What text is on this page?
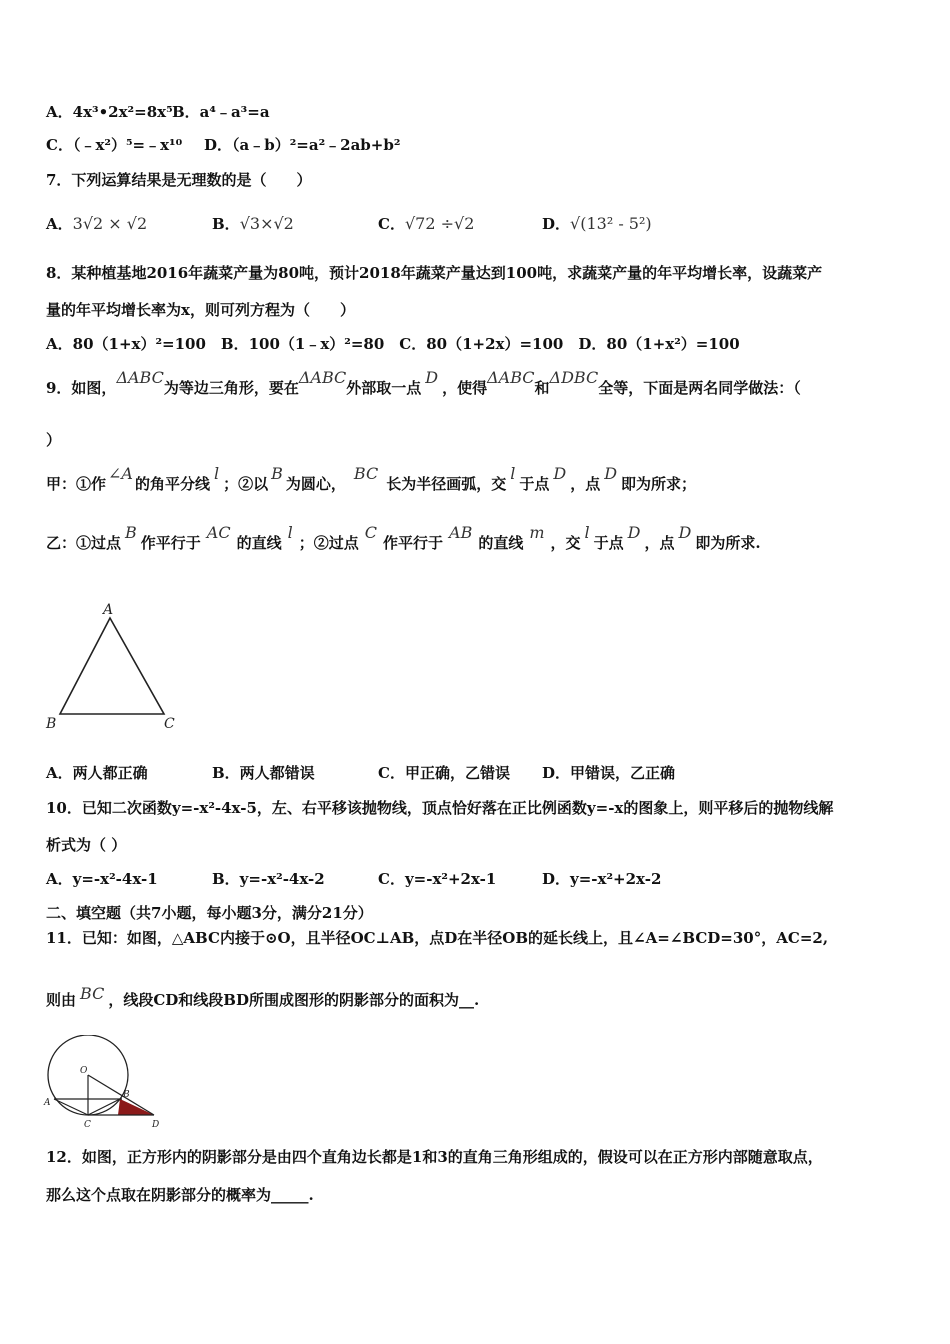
A．4x³•2x²=8x⁵ B．a⁴﹣a³=a
C．（﹣x²）⁵=﹣x¹⁰ D．（a﹣b）²=a²﹣2ab+b²
7．下列运算结果是无理数的是（　　）
A．3√2 × √2	B．√3×√2	C．√72 ÷√2	D．√(13² - 5²)
8．某种植基地2016年蔬菜产量为80吨，预计2018年蔬菜产量达到100吨，求蔬菜产量的年平均增长率，设蔬菜产
量的年平均增长率为x，则可列方程为（　　）
A．80（1+x）²=100　B．100（1﹣x）²=80　C．80（1+2x）=100　D．80（1+x²）=100
9．如图，ΔABC为等边三角形，要在ΔABC外部取一点D，使得ΔABC和ΔDBC全等，下面是两名同学做法：（
）
甲：①作∠A的角平分线l；②以B为圆心，BC长为半径画弧，交l于点D，点D即为所求；
乙：①过点B作平行于AC的直线l；②过点C作平行于AB的直线m，交l于点D，点D即为所求.
A
B	C
A．两人都正确	B．两人都错误	C．甲正确，乙错误 D．甲错误，乙正确
10．已知二次函数y=-x²-4x-5，左、右平移该抛物线，顶点恰好落在正比例函数y=-x的图象上，则平移后的抛物线解
析式为（ ）
A．y=-x²-4x-1	B．y=-x²-4x-2	C．y=-x²+2x-1	D．y=-x²+2x-2
二、填空题（共7小题，每小题3分，满分21分）
11．已知：如图，△ABC内接于⊙O，且半径OC⊥AB，点D在半径OB的延长线上，且∠A=∠BCD=30°，AC=2,
则由 BC ，线段CD和线段BD所围成图形的阴影部分的面积为__.
O
A
B
C	D
12．如图，正方形内的阴影部分是由四个直角边长都是1和3的直角三角形组成的，假设可以在正方形内部随意取点，
那么这个点取在阴影部分的概率为_____.
